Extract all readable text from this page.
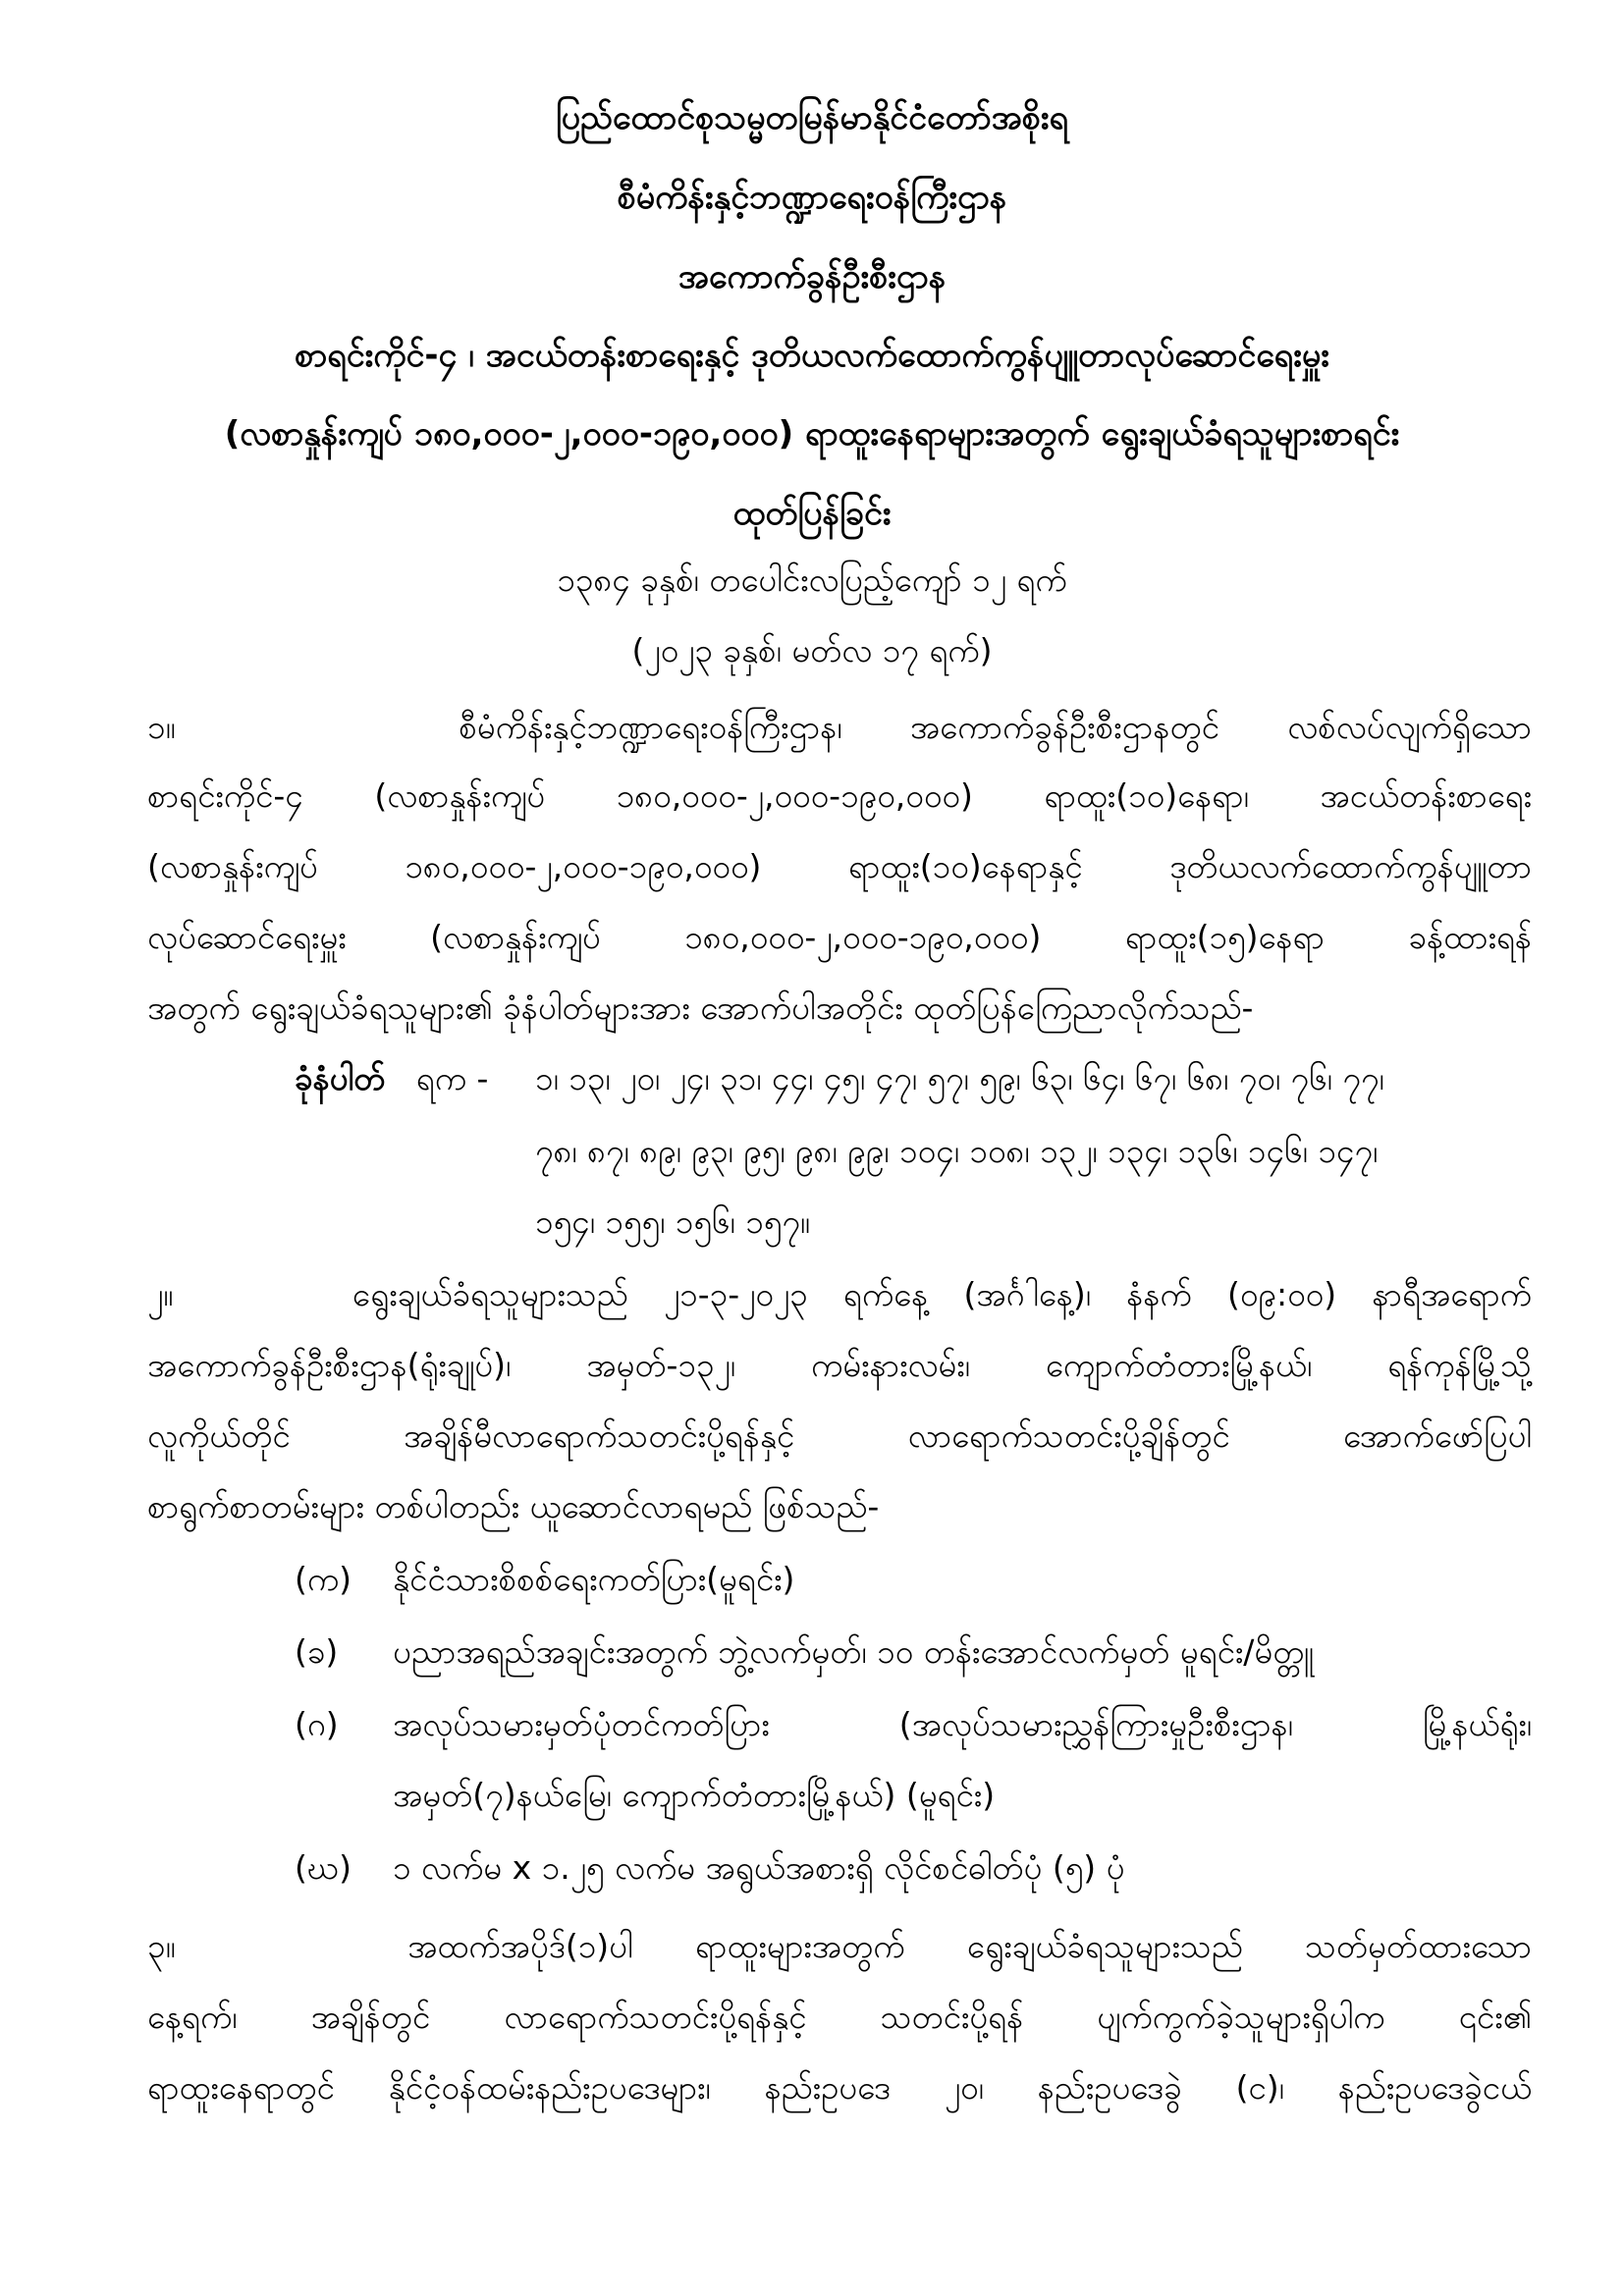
ပြည်ထောင်စုသမ္မတမြန်မာနိုင်ငံတော်အစိုးရ
စီမံကိန်းနှင့်ဘဏ္ဍာရေးဝန်ကြီးဌာန
အကောက်ခွန်ဦးစီးဌာန
စာရင်းကိုင်-၄ ၊ အငယ်တန်းစာရေးနှင့် ဒုတိယလက်ထောက်ကွန်ပျူတာလုပ်ဆောင်ရေးမှူး
(လစာနှုန်းကျပ် ၁၈၀,၀၀၀-၂,၀၀၀-၁၉၀,၀၀၀) ရာထူးနေရာများအတွက် ရွေးချယ်ခံရသူများစာရင်း
ထုတ်ပြန်ခြင်း
၁၃၈၄ ခုနှစ်၊ တပေါင်းလပြည့်ကျော် ၁၂ ရက်
(၂၀၂၃ ခုနှစ်၊ မတ်လ ၁၇ ရက်)
၁။	စီမံကိန်းနှင့်ဘဏ္ဍာရေးဝန်ကြီးဌာန၊ အကောက်ခွန်ဦးစီးဌာနတွင် လစ်လပ်လျက်ရှိသော
စာရင်းကိုင်-၄ (လစာနှုန်းကျပ် ၁၈၀,၀၀၀-၂,၀၀၀-၁၉၀,၀၀၀) ရာထူး(၁၀)နေရာ၊ အငယ်တန်းစာရေး
(လစာနှုန်းကျပ်	၁၈၀,၀၀၀-၂,၀၀၀-၁၉၀,၀၀၀)	ရာထူး(၁၀)နေရာနှင့်	ဒုတိယလက်ထောက်ကွန်ပျူတာ
လုပ်ဆောင်ရေးမှူး	(လစာနှုန်းကျပ်	၁၈၀,၀၀၀-၂,၀၀၀-၁၉၀,၀၀၀)	ရာထူး(၁၅)နေရာ	ခန့်ထားရန်
အတွက် ရွေးချယ်ခံရသူများ၏ ခုံနံပါတ်များအား အောက်ပါအတိုင်း ထုတ်ပြန်ကြေညာလိုက်သည်-
ခုံနံပါတ် ရက - ၁၊ ၁၃၊ ၂၀၊ ၂၄၊ ၃၁၊ ၄၄၊ ၄၅၊ ၄၇၊ ၅၇၊ ၅၉၊ ၆၃၊ ၆၄၊ ၆၇၊ ၆၈၊ ၇၀၊ ၇၆၊ ၇၇၊
၇၈၊ ၈၇၊ ၈၉၊ ၉၃၊ ၉၅၊ ၉၈၊ ၉၉၊ ၁၀၄၊ ၁၀၈၊ ၁၃၂၊ ၁၃၄၊ ၁၃၆၊ ၁၄၆၊ ၁၄၇၊
၁၅၄၊ ၁၅၅၊ ၁၅၆၊ ၁၅၇။
၂။	ရွေးချယ်ခံရသူများသည် ၂၁-၃-၂၀၂၃ ရက်နေ့ (အင်္ဂါနေ့)၊ နံနက် (၀၉:၀၀) နာရီအရောက်
အကောက်ခွန်ဦးစီးဌာန(ရုံးချုပ်)၊ အမှတ်-၁၃၂၊ ကမ်းနားလမ်း၊ ကျောက်တံတားမြို့နယ်၊ ရန်ကုန်မြို့သို့
လူကိုယ်တိုင်	အချိန်မီလာရောက်သတင်းပို့ရန်နှင့်	လာရောက်သတင်းပို့ချိန်တွင်	အောက်ဖော်ပြပါ
စာရွက်စာတမ်းများ တစ်ပါတည်း ယူဆောင်လာရမည် ဖြစ်သည်-
(က) နိုင်ငံသားစိစစ်ရေးကတ်ပြား(မူရင်း)
(ခ) ပညာအရည်အချင်းအတွက် ဘွဲ့လက်မှတ်၊ ၁၀ တန်းအောင်လက်မှတ် မူရင်း/မိတ္တူ
(ဂ)	အလုပ်သမားမှတ်ပုံတင်ကတ်ပြား	(အလုပ်သမားညွှန်ကြားမှုဦးစီးဌာန၊	မြို့နယ်ရုံး၊
အမှတ်(၇)နယ်မြေ၊ ကျောက်တံတားမြို့နယ်) (မူရင်း)
(ဃ) ၁ လက်မ x ၁.၂၅ လက်မ အရွယ်အစားရှိ လိုင်စင်ဓါတ်ပုံ (၅) ပုံ
၃။	အထက်အပိုဒ်(၁)ပါ ရာထူးများအတွက် ရွေးချယ်ခံရသူများသည် သတ်မှတ်ထားသော
နေ့ရက်၊ အချိန်တွင် လာရောက်သတင်းပို့ရန်နှင့် သတင်းပို့ရန် ပျက်ကွက်ခဲ့သူများရှိပါက ၎င်း၏
ရာထူးနေရာတွင် နိုင်ငံ့ဝန်ထမ်းနည်းဥပဒေများ၊ နည်းဥပဒေ ၂၀၊ နည်းဥပဒေခွဲ (င)၊ နည်းဥပဒေခွဲငယ်
